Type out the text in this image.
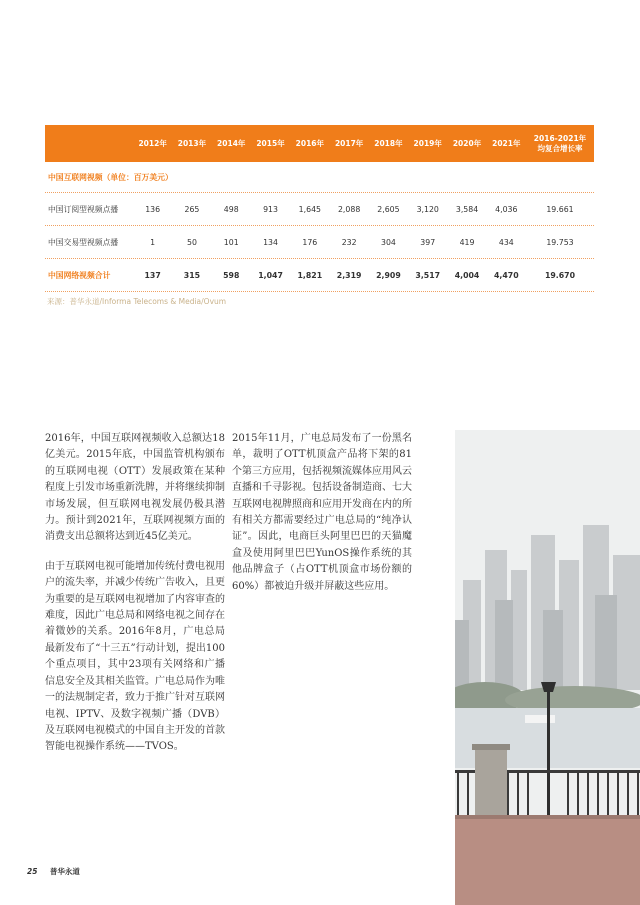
2012年	2013年	2014年	2015年	2016年	2017年	2018年	2019年	2020年	2021年
2016-2021年
均复合增长率
中国互联网视频（单位：百万美元）
中国订阅型视频点播	136	265	498	913	1,645	2,088	2,605	3,120	3,584	4,036	19.661
中国交易型视频点播	1	50	101	134	176	232	304	397	419	434	19.753
中国网络视频合计	137	315	598	1,047	1,821	2,319	2,909	3,517	4,004	4,470	19.670
来源：普华永道/Informa Telecoms & Media/Ovum

2016年，中国互联网视频收入总额达18亿美元。2015年底，中国监管机构颁布的互联网电视（OTT）发展政策在某种程度上引发市场重新洗牌，并将继续抑制市场发展，但互联网电视发展仍极具潜力。预计到2021年，互联网视频方面的消费支出总额将达到近45亿美元。

由于互联网电视可能增加传统付费电视用户的流失率，并减少传统广告收入，且更为重要的是互联网电视增加了内容审查的难度，因此广电总局和网络电视之间存在着微妙的关系。2016年8月，广电总局最新发布了“十三五”行动计划，提出100个重点项目，其中23项有关网络和广播信息安全及其相关监管。广电总局作为唯一的法规制定者，致力于推广针对互联网电视、IPTV、及数字视频广播（DVB）及互联网电视模式的中国自主开发的首款智能电视操作系统——TVOS。

2015年11月，广电总局发布了一份黑名单，裁明了OTT机顶盒产品将下架的81个第三方应用，包括视频流媒体应用风云直播和千寻影视。包括设备制造商、七大互联网电视牌照商和应用开发商在内的所有相关方都需要经过广电总局的“纯净认证”。因此，电商巨头阿里巴巴的天猫魔盒及使用阿里巴巴YunOS操作系统的其他品牌盒子（占OTT机顶盒市场份额的60%）都被迫升级并屏蔽这些应用。

25 普华永道
